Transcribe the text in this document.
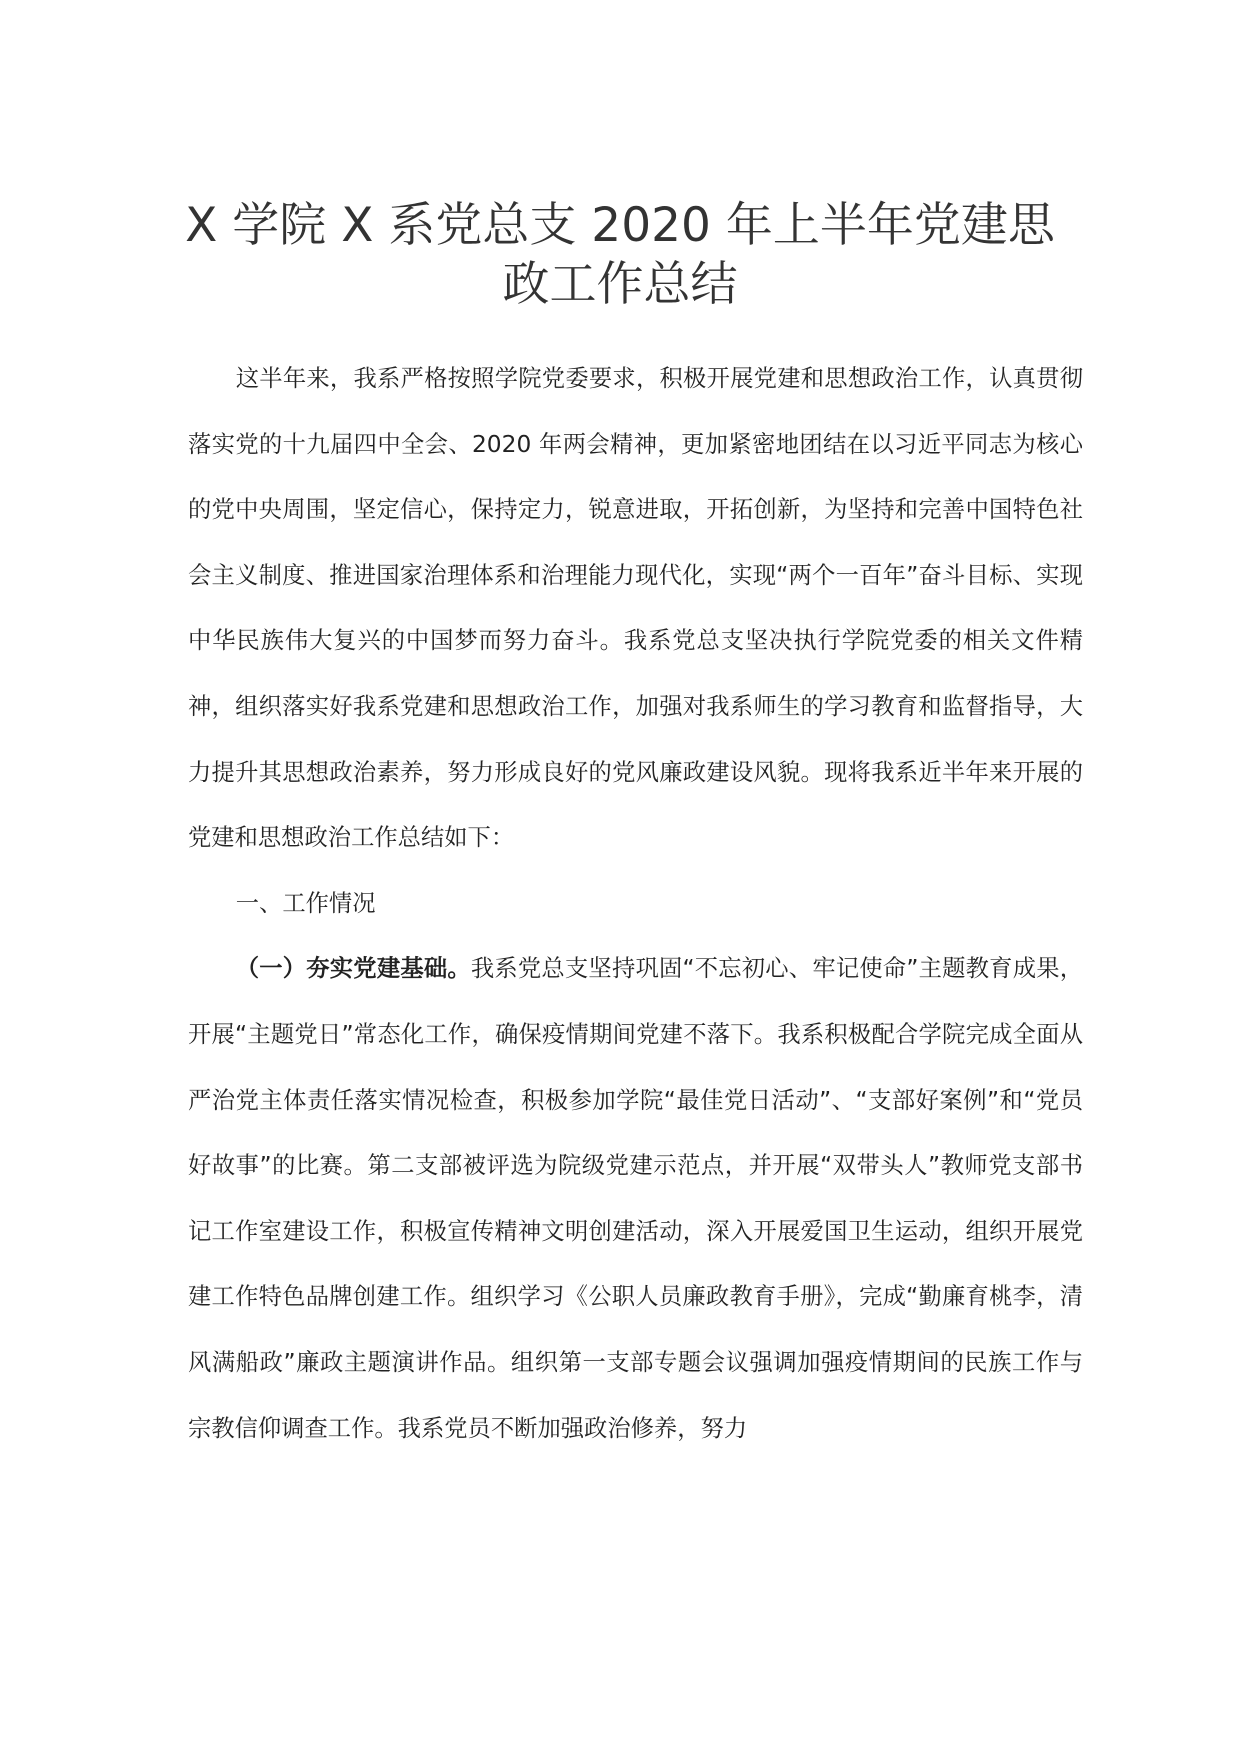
X 学院 X 系党总支 2020 年上半年党建思政工作总结

这半年来，我系严格按照学院党委要求，积极开展党建和思想政治工作，认真贯彻落实党的十九届四中全会、2020 年两会精神，更加紧密地团结在以习近平同志为核心的党中央周围，坚定信心，保持定力，锐意进取，开拓创新，为坚持和完善中国特色社会主义制度、推进国家治理体系和治理能力现代化，实现“两个一百年”奋斗目标、实现中华民族伟大复兴的中国梦而努力奋斗。我系党总支坚决执行学院党委的相关文件精神，组织落实好我系党建和思想政治工作，加强对我系师生的学习教育和监督指导，大力提升其思想政治素养，努力形成良好的党风廉政建设风貌。现将我系近半年来开展的党建和思想政治工作总结如下：

一、工作情况

（一）夯实党建基础。我系党总支坚持巩固“不忘初心、牢记使命”主题教育成果，开展“主题党日”常态化工作，确保疫情期间党建不落下。我系积极配合学院完成全面从严治党主体责任落实情况检查，积极参加学院“最佳党日活动”、“支部好案例”和“党员好故事”的比赛。第二支部被评选为院级党建示范点，并开展“双带头人”教师党支部书记工作室建设工作，积极宣传精神文明创建活动，深入开展爱国卫生运动，组织开展党建工作特色品牌创建工作。组织学习《公职人员廉政教育手册》，完成“勤廉育桃李，清风满船政”廉政主题演讲作品。组织第一支部专题会议强调加强疫情期间的民族工作与宗教信仰调查工作。我系党员不断加强政治修养，努力
